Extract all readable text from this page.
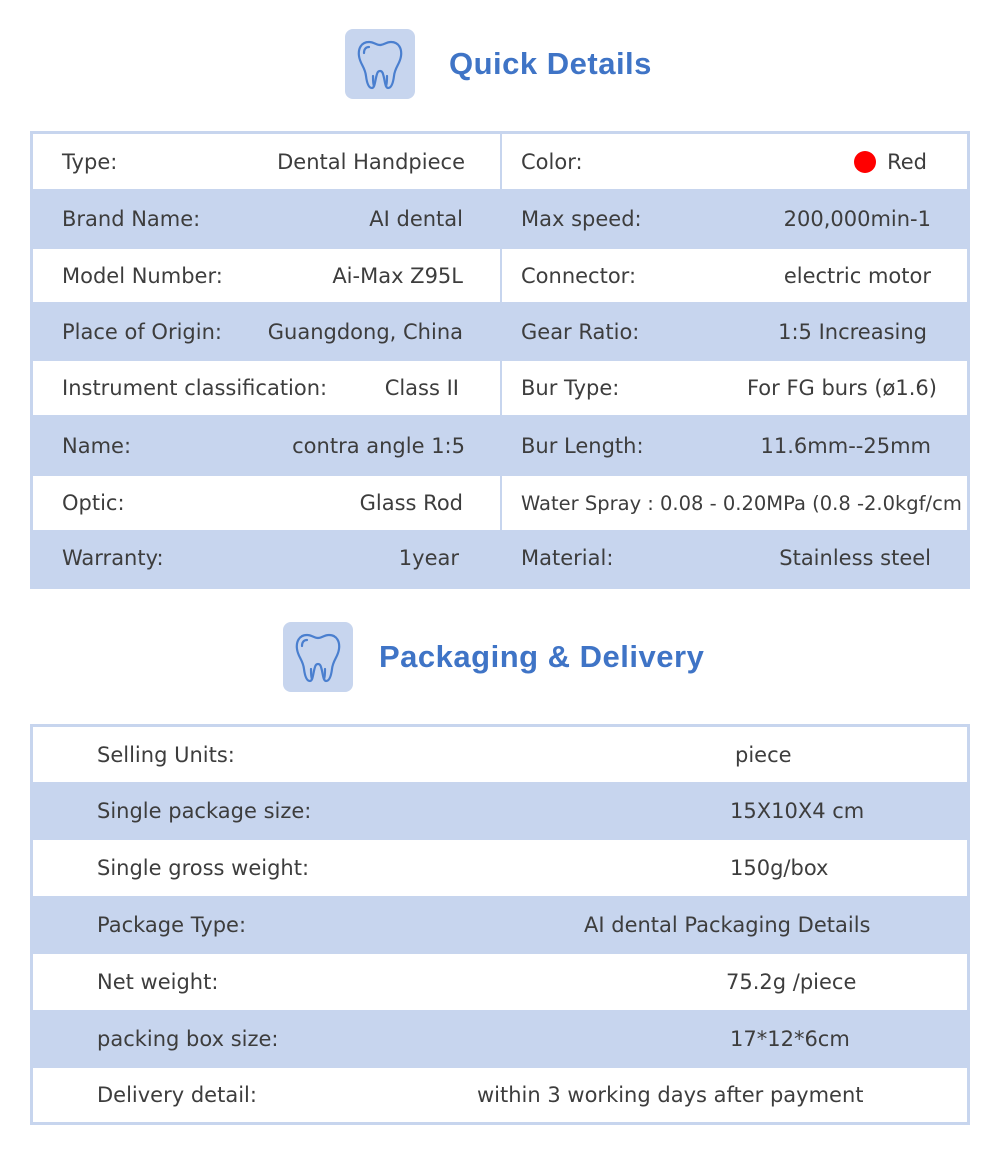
Quick Details
Type:	Dental Handpiece	Color:	Red
Brand Name:	AI dental	Max speed:	200,000min-1
Model Number:	Ai-Max Z95L	Connector:	electric motor
Place of Origin: Guangdong, China	Gear Ratio:	1:5 Increasing
Instrument classification:	Class II	Bur Type:	For FG burs (ø1.6)
Name:	contra angle 1:5	Bur Length:	11.6mm--25mm
Optic:	Glass Rod	Water Spray : 0.08 - 0.20MPa (0.8 -2.0kgf/cm
Warranty:	1year	Material:	Stainless steel
Packaging & Delivery
Selling Units:	piece
Single package size:	15X10X4 cm
Single gross weight:	150g/box
Package Type:	AI dental Packaging Details
Net weight:	75.2g /piece
packing box size:	17*12*6cm
Delivery detail:	within 3 working days after payment
